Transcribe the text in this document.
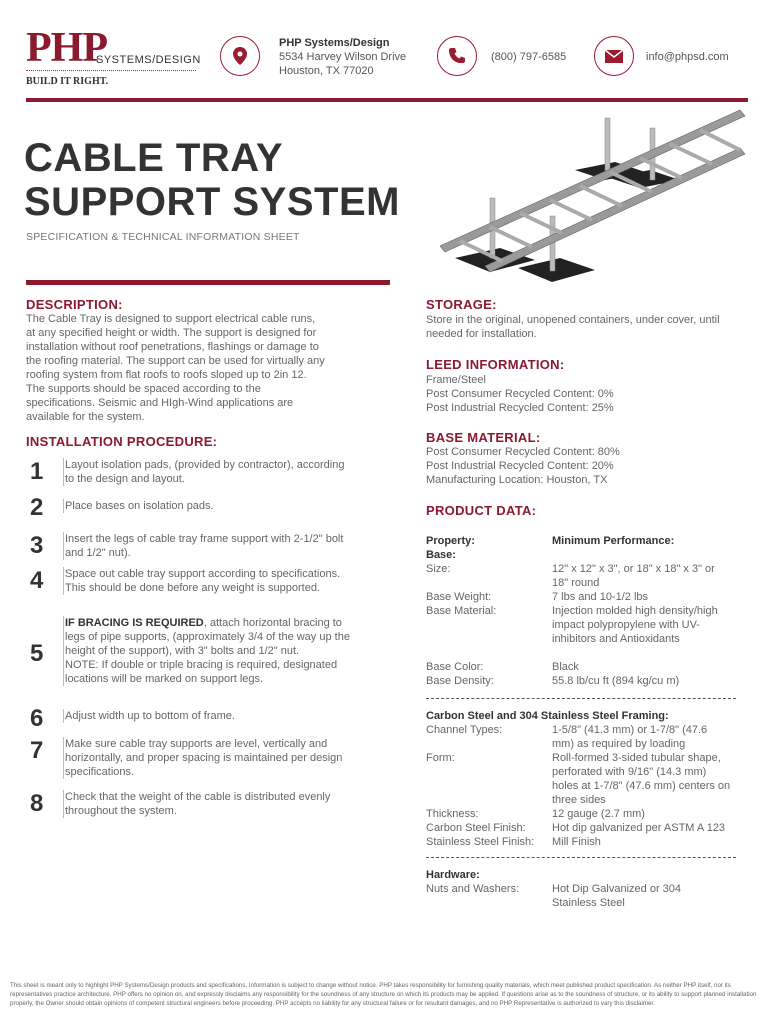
PHP
SYSTEMS/DESIGN
BUILD IT RIGHT.
PHP Systems/Design
5534 Harvey Wilson Drive
Houston, TX 77020
(800) 797-6585	info@phpsd.com
CABLE TRAY
SUPPORT SYSTEM
SPECIFICATION & TECHNICAL INFORMATION SHEET
DESCRIPTION:
The Cable Tray is designed to support electrical cable runs, at any specified height or width. The support is designed for installation without roof penetrations, flashings or damage to the roofing material. The support can be used for virtually any roofing system from flat roofs to roofs sloped up to 2in 12. The supports should be spaced according to the specifications. Seismic and HIgh-Wind applications are available for the system.
INSTALLATION PROCEDURE:
1 Layout isolation pads, (provided by contractor), according to the design and layout.
2 Place bases on isolation pads.
3 Insert the legs of cable tray frame support with 2-1/2" bolt and 1/2" nut).
4 Space out cable tray support according to specifications. This should be done before any weight is supported.
5
IF BRACING IS REQUIRED, attach horizontal bracing to legs of pipe supports, (approximately 3/4 of the way up the height of the support), with 3" bolts and 1/2" nut.
NOTE: If double or triple bracing is required, designated locations will be marked on support legs.
6 Adjust width up to bottom of frame.
7 Make sure cable tray supports are level, vertically and horizontally, and proper spacing is maintained per design specifications.
8 Check that the weight of the cable is distributed evenly throughout the system.
STORAGE:
Store in the original, unopened containers, under cover, until needed for installation.
LEED INFORMATION:
Frame/Steel
Post Consumer Recycled Content: 0%
Post Industrial Recycled Content: 25%
BASE MATERIAL:
Post Consumer Recycled Content: 80%
Post Industrial Recycled Content: 20%
Manufacturing Location: Houston, TX
PRODUCT DATA:
Property:	Minimum Performance:
Base:
Size:	12" x 12" x 3", or 18" x 18" x 3" or 18" round
Base Weight:	7 lbs and 10-1/2 lbs
Base Material:	Injection molded high density/high impact polypropylene with UV-inhibitors and Antioxidants
Base Color:	Black
Base Density:	55.8 lb/cu ft (894 kg/cu m)
Carbon Steel and 304 Stainless Steel Framing:
Channel Types:	1-5/8" (41.3 mm) or 1-7/8" (47.6 mm) as required by loading
Form:	Roll-formed 3-sided tubular shape, perforated with 9/16" (14.3 mm) holes at 1-7/8" (47.6 mm) centers on three sides
Thickness:	12 gauge (2.7 mm)
Carbon Steel Finish:	Hot dip galvanized per ASTM A 123
Stainless Steel Finish:	Mill Finish
Hardware:
Nuts and Washers:	Hot Dip Galvanized or 304 Stainless Steel
This sheet is meant only to highlight PHP Systems/Design products and specifications. Information is subject to change without notice. PHP takes responsibility for furnishing quality materials, which meet published product specification. As neither PHP itself, nor its representatives practice architecture, PHP offers no opinion on, and expressly disclaims any responsibility for the soundness of any structure on which its products may be applied. If questions arise as to the soundness of structure, or its ability to support planned installation properly, the Owner should obtain opinions of competent structural engineers before proceeding. PHP accepts no liability for any structural failure or for resultant damages, and no PHP Representative is authorized to vary this disclaimer.
